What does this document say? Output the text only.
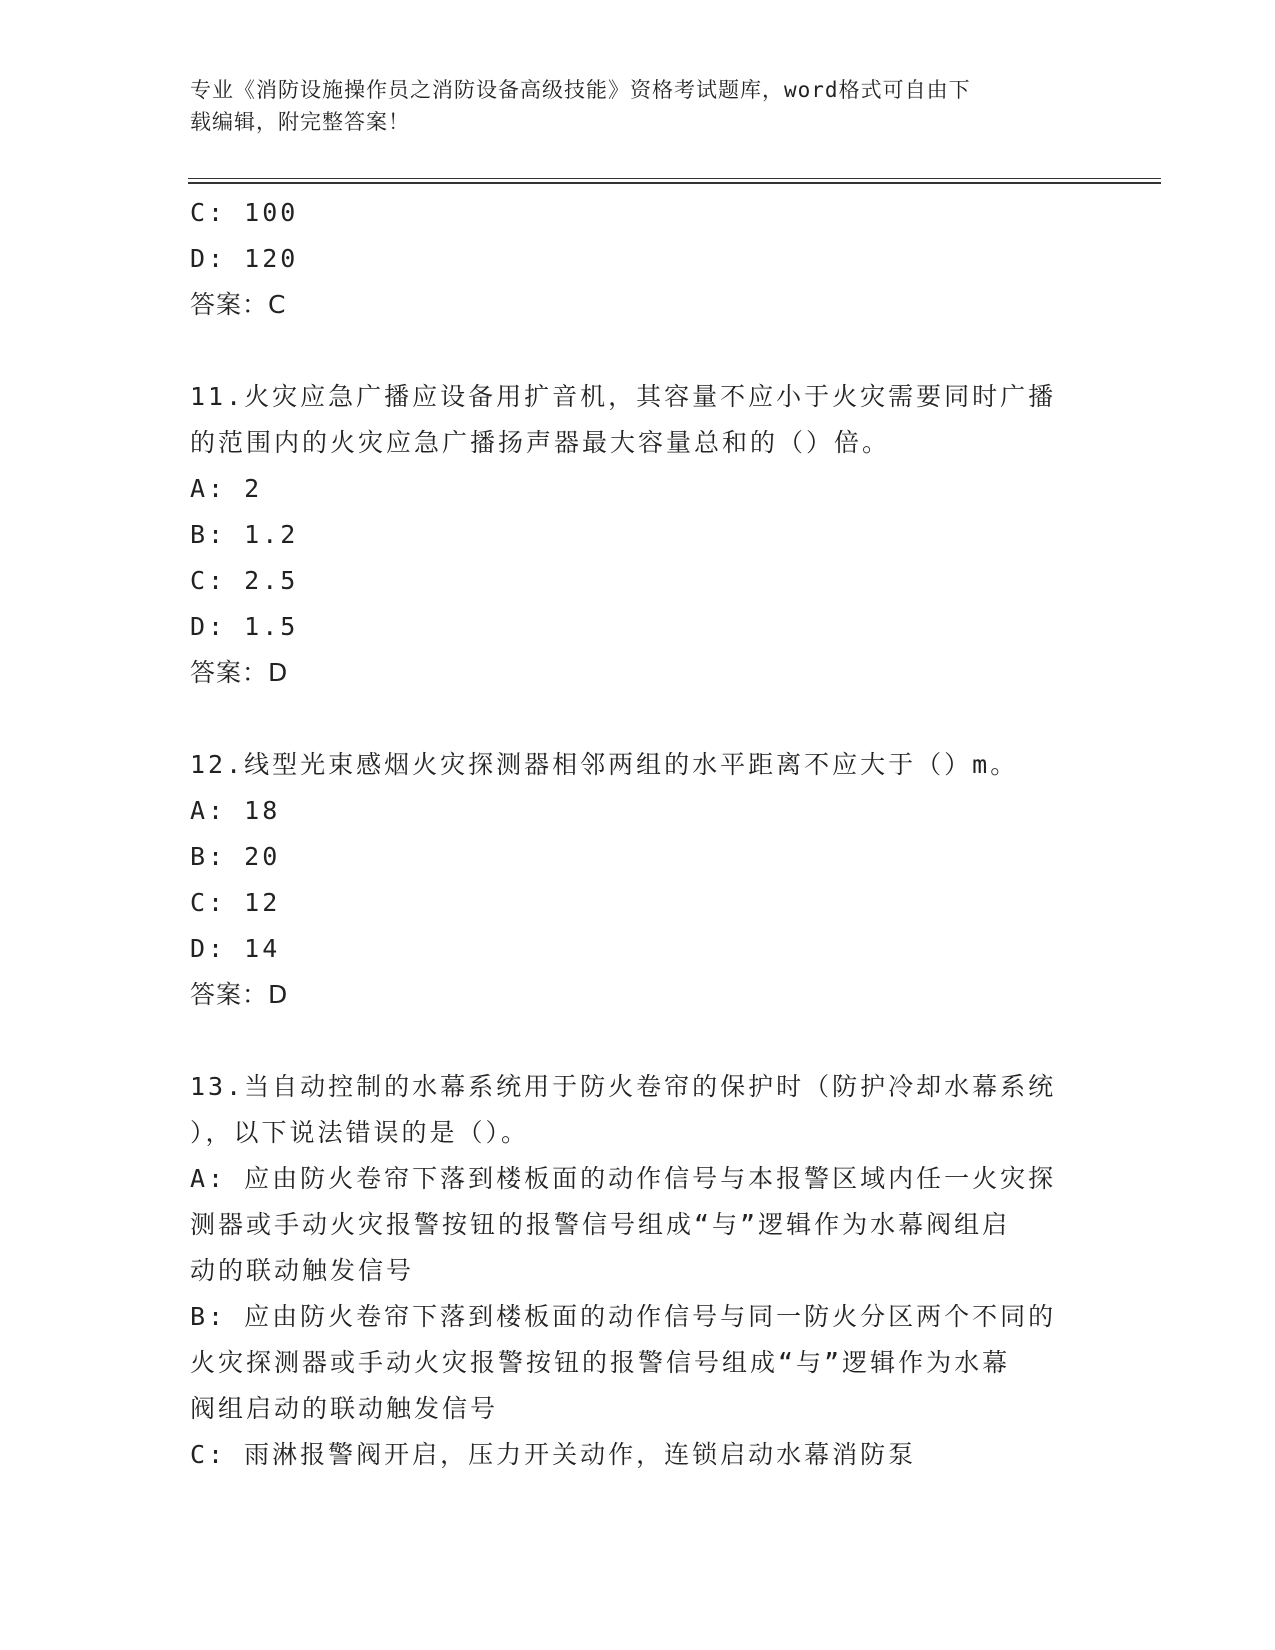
专业《消防设施操作员之消防设备高级技能》资格考试题库，word格式可自由下
载编辑，附完整答案！
C: 100
D: 120
答案：C
11.火灾应急广播应设备用扩音机，其容量不应小于火灾需要同时广播
的范围内的火灾应急广播扬声器最大容量总和的（）倍。
A: 2
B: 1.2
C: 2.5
D: 1.5
答案：D
12.线型光束感烟火灾探测器相邻两组的水平距离不应大于（）m。
A: 18
B: 20
C: 12
D: 14
答案：D
13.当自动控制的水幕系统用于防火卷帘的保护时（防护冷却水幕系统
），以下说法错误的是（）。
A: 应由防火卷帘下落到楼板面的动作信号与本报警区域内任一火灾探
测器或手动火灾报警按钮的报警信号组成“与”逻辑作为水幕阀组启
动的联动触发信号
B: 应由防火卷帘下落到楼板面的动作信号与同一防火分区两个不同的
火灾探测器或手动火灾报警按钮的报警信号组成“与”逻辑作为水幕
阀组启动的联动触发信号
C: 雨淋报警阀开启，压力开关动作，连锁启动水幕消防泵
